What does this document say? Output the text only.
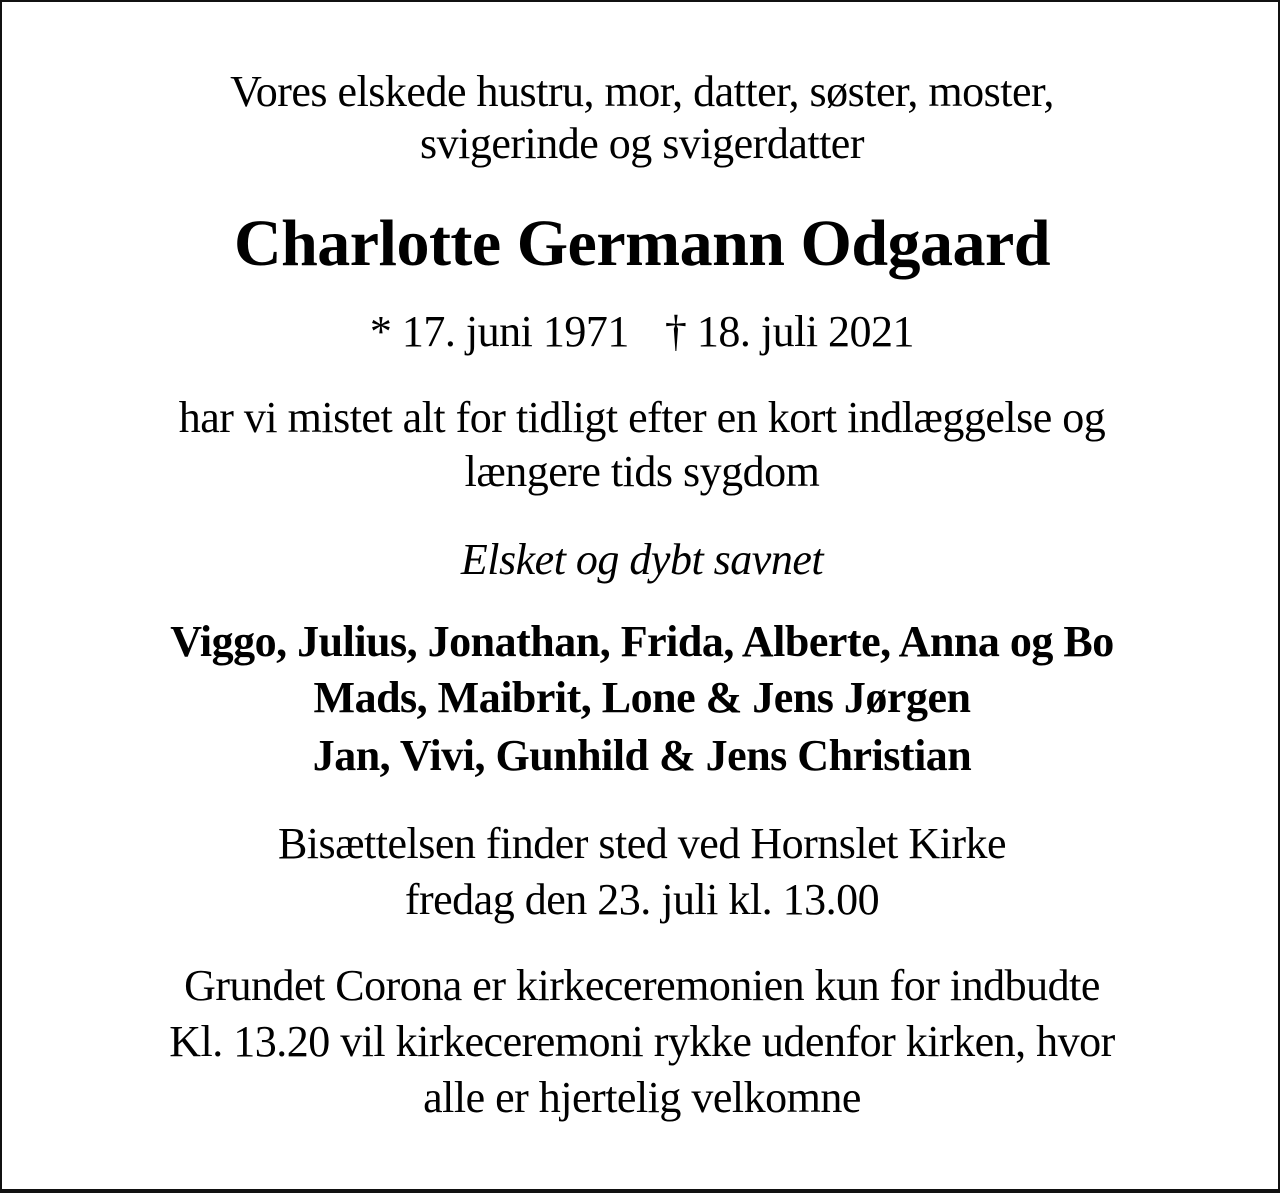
Vores elskede hustru, mor, datter, søster, moster,
svigerinde og svigerdatter
Charlotte Germann Odgaard
* 17. juni 1971 † 18. juli 2021
har vi mistet alt for tidligt efter en kort indlæggelse og
længere tids sygdom
Elsket og dybt savnet
Viggo, Julius, Jonathan, Frida, Alberte, Anna og Bo
Mads, Maibrit, Lone & Jens Jørgen
Jan, Vivi, Gunhild & Jens Christian
Bisættelsen finder sted ved Hornslet Kirke
fredag den 23. juli kl. 13.00
Grundet Corona er kirkeceremonien kun for indbudte
Kl. 13.20 vil kirkeceremoni rykke udenfor kirken, hvor
alle er hjertelig velkomne
